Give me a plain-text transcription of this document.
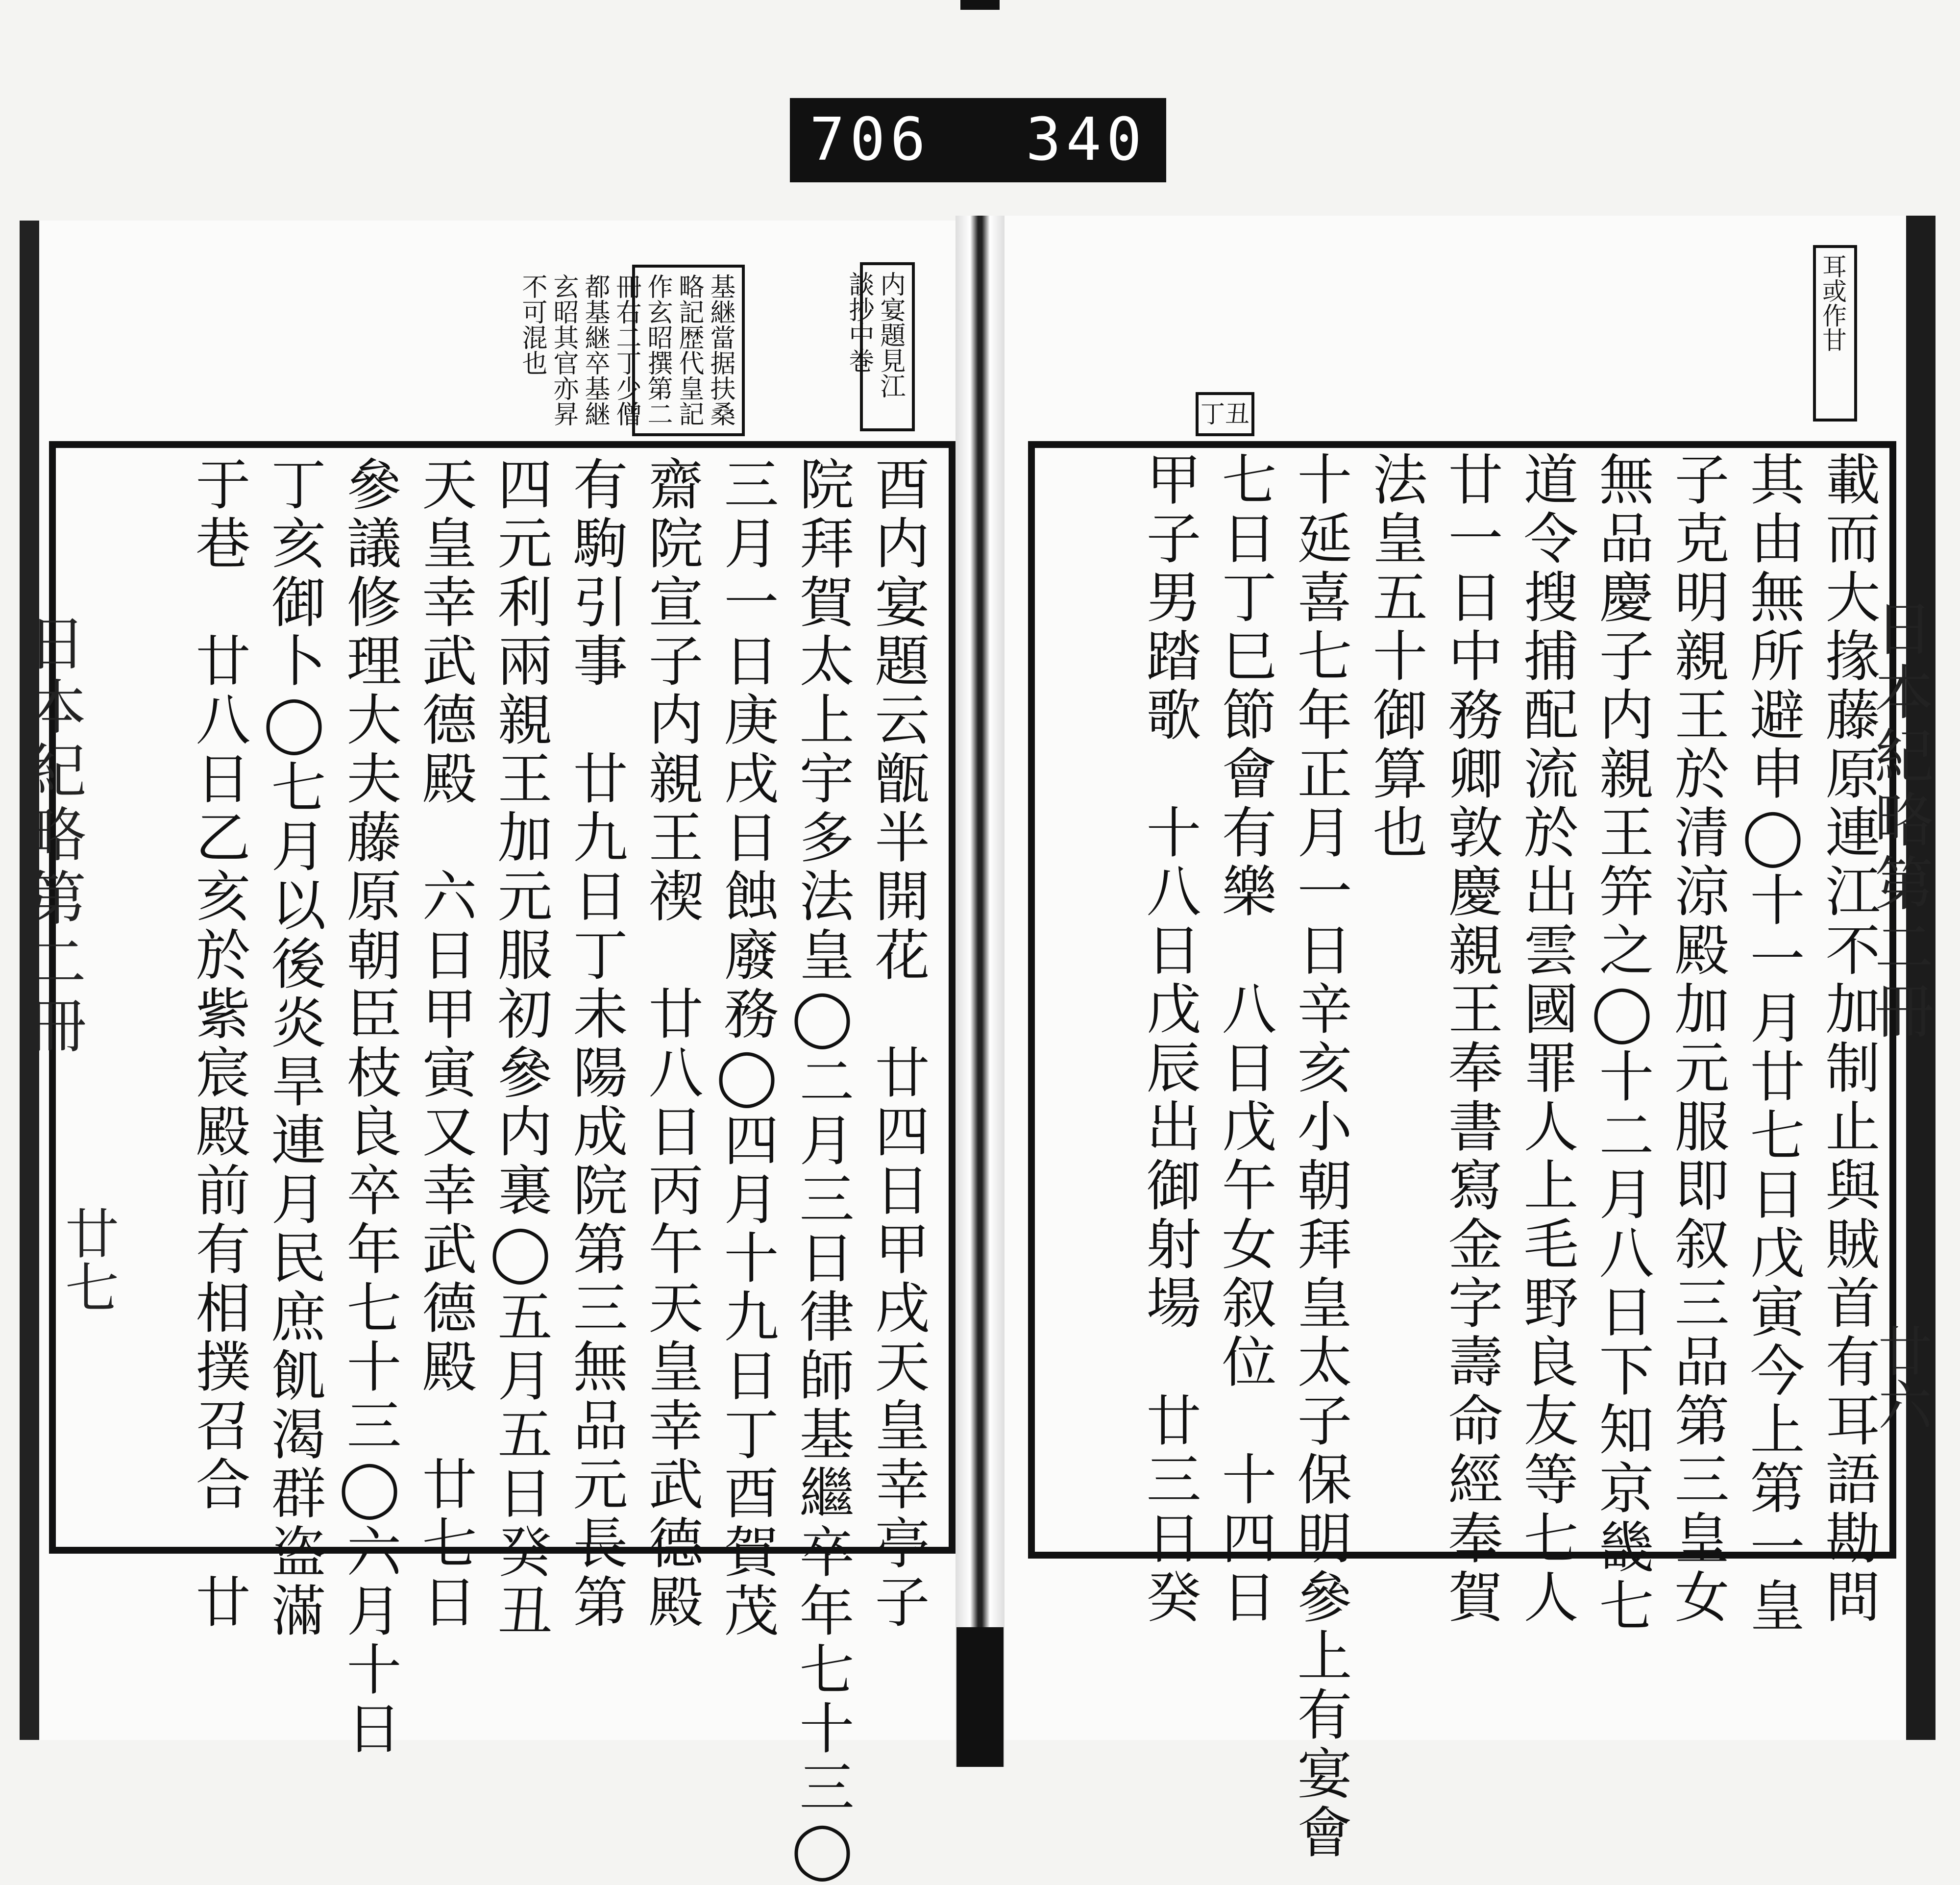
706 340
基継當据扶桑略記歴代皇記作玄昭撰第二冊右二丁少僧都基継卒基継玄昭其官亦昇不可混也	内宴題見江談抄中巻	耳或作甘
丁丑
酉内宴題云甑半開花　廿四日甲戌天皇幸亭子
院拜賀太上宇多法皇◯二月三日律師基繼卒年七十三◯
三月一日庚戌日蝕廢務◯四月十九日丁酉賀茂
齋院宣子内親王禊　廿八日丙午天皇幸武德殿
有駒引事　廿九日丁未陽成院第三無品元長第
四元利兩親王加元服初參内裏◯五月五日癸丑
天皇幸武德殿　六日甲寅又幸武德殿　廿七日
參議修理大夫藤原朝臣枝良卒年七十三◯六月十日
丁亥御卜◯七月以後炎旱連月民庶飢渴群盗滿
于巷　廿八日乙亥於紫宸殿前有相撲召合　廿	載而大掾藤原連江不加制止與賊首有耳語勘問
其由無所避申◯十一月廿七日戊寅今上第一皇
子克明親王於清涼殿加元服即叙三品第三皇女
無品慶子内親王笄之◯十二月八日下知京畿七
道令搜捕配流於出雲國罪人上毛野良友等七人
廿一日中務卿敦慶親王奉書寫金字壽命經奉賀
法皇五十御算也
十延喜七年正月一日辛亥小朝拜皇太子保明參上有宴會
七日丁巳節會有樂　八日戊午女叙位　十四日
甲子男踏歌　十八日戊辰出御射場　廿三日癸
日本紀略第二冊	日本紀略第二冊
廿七
廿六
